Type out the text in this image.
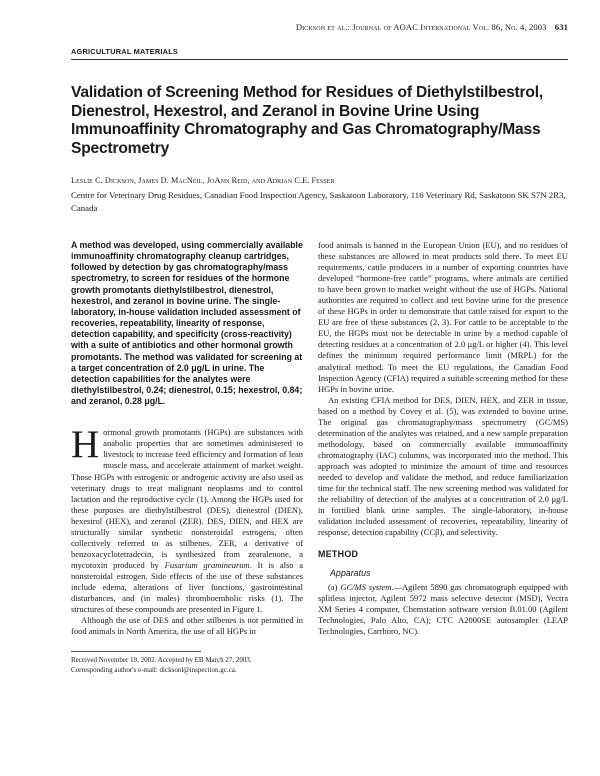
Dickson et al.: Journal of AOAC International Vol. 86, No. 4, 2003 631
AGRICULTURAL MATERIALS
Validation of Screening Method for Residues of Diethylstilbestrol, Dienestrol, Hexestrol, and Zeranol in Bovine Urine Using Immunoaffinity Chromatography and Gas Chromatography/Mass Spectrometry
Leslie C. Dickson, James D. MacNeil, JoAnn Reid, and Adrian C.E. Fesser
Centre for Veterinary Drug Residues, Canadian Food Inspection Agency, Saskatoon Laboratory, 116 Veterinary Rd, Saskatoon SK S7N 2R3, Canada
A method was developed, using commercially available immunoaffinity chromatography cleanup cartridges, followed by detection by gas chromatography/mass spectrometry, to screen for residues of the hormone growth promotants diethylstilbestrol, dienestrol, hexestrol, and zeranol in bovine urine. The single-laboratory, in-house validation included assessment of recoveries, repeatability, linearity of response, detection capability, and specificity (cross-reactivity) with a suite of antibiotics and other hormonal growth promotants. The method was validated for screening at a target concentration of 2.0 μg/L in urine. The detection capabilities for the analytes were diethylstilbestrol, 0.24; dienestrol, 0.15; hexestrol, 0.84; and zeranol, 0.28 μg/L.

Hormonal growth promotants (HGPs) are substances with anabolic properties that are sometimes administered to livestock to increase feed efficiency and formation of lean muscle mass, and accelerate attainment of market weight. Those HGPs with estrogenic or androgenic activity are also used as veterinary drugs to treat malignant neoplasms and to control lactation and the reproductive cycle (1). Among the HGPs used for these purposes are diethylstilbestrol (DES), dienestrol (DIEN), hexestrol (HEX), and zeranol (ZER). DES, DIEN, and HEX are structurally similar synthetic nonsteroidal estrogens, often collectively referred to as stilbenes. ZER, a derivative of benzoxacyclotetradecin, is synthesized from zearalenone, a mycotoxin produced by Fusarium graminearum. It is also a nonsteroidal estrogen. Side effects of the use of these substances include edema, alterations of liver functions, gastrointestinal disturbances, and (in males) thromboembolic risks (1). The structures of these compounds are presented in Figure 1.

Although the use of DES and other stilbenes is not permitted in food animals in North America, the use of all HGPs in

Received November 19, 2002. Accepted by EB March 27, 2003.
Corresponding author's e-mail: dicksonl@inspection.gc.ca.

food animals is banned in the European Union (EU), and no residues of these substances are allowed in meat products sold there. To meet EU requirements, cattle producers in a number of exporting countries have developed “hormone-free cattle” programs, where animals are certified to have been grown to market weight without the use of HGPs. National authorities are required to collect and test bovine urine for the presence of these HGPs in order to demonstrate that cattle raised for export to the EU are free of these substances (2, 3). For cattle to be acceptable to the EU, the HGPs must not be detectable in urine by a method capable of detecting residues at a concentration of 2.0 μg/L or higher (4). This level defines the minimum required performance limit (MRPL) for the analytical method. To meet the EU regulations, the Canadian Food Inspection Agency (CFIA) required a suitable screening method for these HGPs in bovine urine.

An existing CFIA method for DES, DIEN, HEX, and ZER in tissue, based on a method by Covey et al. (5), was extended to bovine urine. The original gas chromatography/mass spectrometry (GC/MS) determination of the analytes was retained, and a new sample preparation methodology, based on commercially available immunoaffinity chromatography (IAC) columns, was incorporated into the method. This approach was adopted to minimize the amount of time and resources needed to develop and validate the method, and reduce familiarization time for the technical staff. The new screening method was validated for the reliability of detection of the analytes at a concentration of 2.0 μg/L in fortified blank urine samples. The single-laboratory, in-house validation included assessment of recoveries, repeatability, linearity of response, detection capability (CCβ), and selectivity.

METHOD
Apparatus

(a) GC/MS system.—Agilent 5890 gas chromatograph equipped with splitless injector, Agilent 5972 mass selective detector (MSD), Vectra XM Series 4 computer, Chemstation software version B.01.00 (Agilent Technologies, Palo Alto, CA); CTC A2000SE autosampler (LEAP Technologies, Carrboro, NC).
